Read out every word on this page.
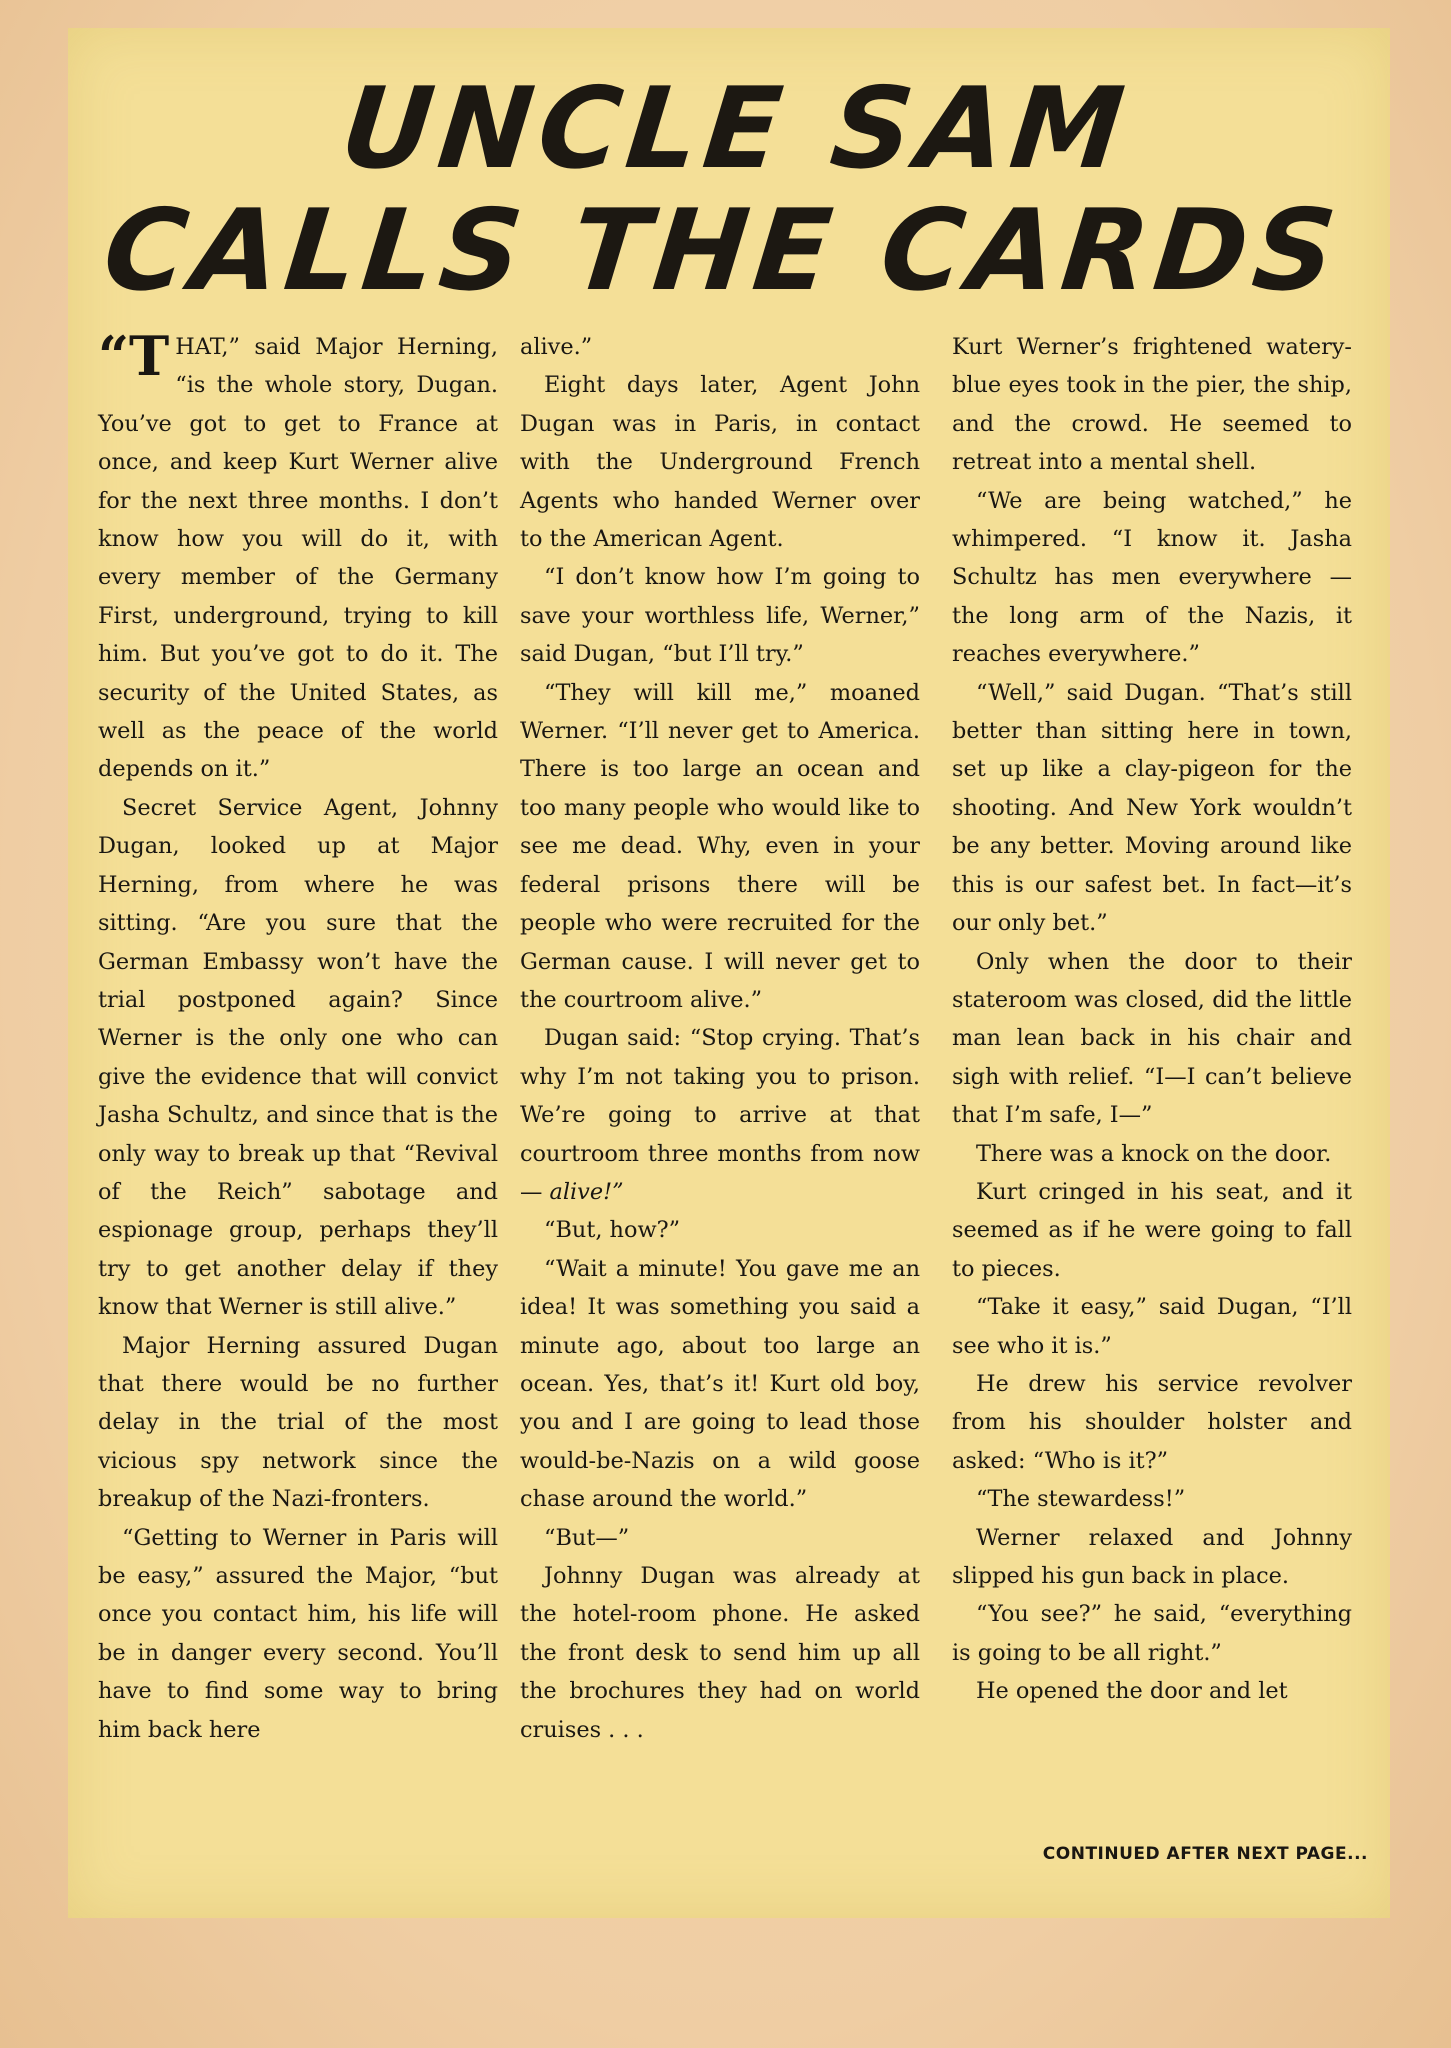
UNCLE SAM
CALLS THE CARDS

“THAT,” said Major Herning, “is the whole story, Dugan. You’ve got to get to France at once, and keep Kurt Werner alive for the next three months. I don’t know how you will do it, with every member of the Germany First, underground, trying to kill him. But you’ve got to do it. The security of the United States, as well as the peace of the world depends on it.”

Secret Service Agent, Johnny Dugan, looked up at Major Herning, from where he was sitting. “Are you sure that the German Embassy won’t have the trial postponed again? Since Werner is the only one who can give the evidence that will convict Jasha Schultz, and since that is the only way to break up that “Revival of the Reich” sabotage and espionage group, perhaps they’ll try to get another delay if they know that Werner is still alive.”

Major Herning assured Dugan that there would be no further delay in the trial of the most vicious spy network since the breakup of the Nazi-fronters.

“Getting to Werner in Paris will be easy,” assured the Major, “but once you contact him, his life will be in danger every second. You’ll have to find some way to bring him back here

alive.”

Eight days later, Agent John Dugan was in Paris, in contact with the Underground French Agents who handed Werner over to the American Agent.

“I don’t know how I’m going to save your worthless life, Werner,” said Dugan, “but I’ll try.”

“They will kill me,” moaned Werner. “I’ll never get to America. There is too large an ocean and too many people who would like to see me dead. Why, even in your federal prisons there will be people who were recruited for the German cause. I will never get to the courtroom alive.”

Dugan said: “Stop crying. That’s why I’m not taking you to prison. We’re going to arrive at that courtroom three months from now — alive!”

“But, how?”

“Wait a minute! You gave me an idea! It was something you said a minute ago, about too large an ocean. Yes, that’s it! Kurt old boy, you and I are going to lead those would-be-Nazis on a wild goose chase around the world.”

“But—”

Johnny Dugan was already at the hotel-room phone. He asked the front desk to send him up all the brochures they had on world cruises . . .

Kurt Werner’s frightened watery-blue eyes took in the pier, the ship, and the crowd. He seemed to retreat into a mental shell.

“We are being watched,” he whimpered. “I know it. Jasha Schultz has men everywhere — the long arm of the Nazis, it reaches everywhere.”

“Well,” said Dugan. “That’s still better than sitting here in town, set up like a clay-pigeon for the shooting. And New York wouldn’t be any better. Moving around like this is our safest bet. In fact—it’s our only bet.”

Only when the door to their stateroom was closed, did the little man lean back in his chair and sigh with relief. “I—I can’t believe that I’m safe, I—”

There was a knock on the door.

Kurt cringed in his seat, and it seemed as if he were going to fall to pieces.

“Take it easy,” said Dugan, “I’ll see who it is.”

He drew his service revolver from his shoulder holster and asked: “Who is it?”

“The stewardess!”

Werner relaxed and Johnny slipped his gun back in place.

“You see?” he said, “everything is going to be all right.”

He opened the door and let

CONTINUED AFTER NEXT PAGE...
